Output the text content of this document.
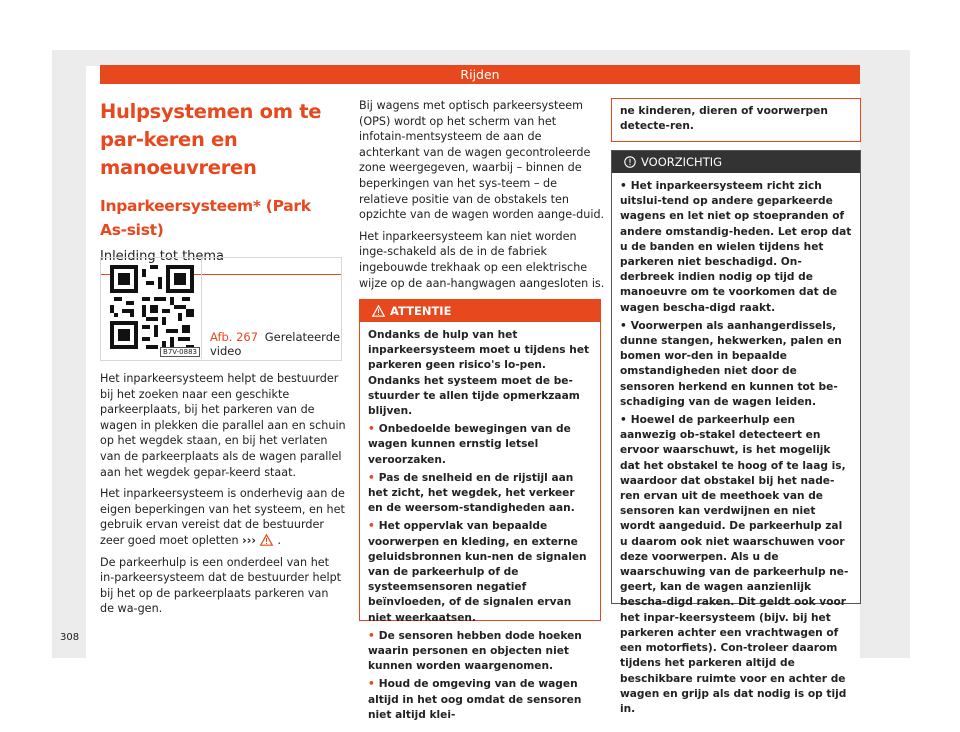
Rijden
Hulpsystemen om te par-keren en manoeuvreren
Inparkeersysteem* (Park As-sist)
Inleiding tot thema
B7V-0883
Afb. 267 Gerelateerde video

Het inparkeersysteem helpt de bestuurder bij het zoeken naar een geschikte parkeerplaats, bij het parkeren van de wagen in plekken die parallel aan en schuin op het wegdek staan, en bij het verlaten van de parkeerplaats als de wagen parallel aan het wegdek gepar-keerd staat.

Het inparkeersysteem is onderhevig aan de eigen beperkingen van het systeem, en het gebruik ervan vereist dat de bestuurder zeer goed moet opletten ››› .

De parkeerhulp is een onderdeel van het in-parkeersysteem dat de bestuurder helpt bij het op de parkeerplaats parkeren van de wa-gen.

Bij wagens met optisch parkeersysteem (OPS) wordt op het scherm van het infotain-mentsysteem de aan de achterkant van de wagen gecontroleerde zone weergegeven, waarbij – binnen de beperkingen van het sys-teem – de relatieve positie van de obstakels ten opzichte van de wagen worden aange-duid.

Het inparkeersysteem kan niet worden inge-schakeld als de in de fabriek ingebouwde trekhaak op een elektrische wijze op de aan-hangwagen aangesloten is.

ATTENTIE

Ondanks de hulp van het inparkeersysteem moet u tijdens het parkeren geen risico's lo-pen. Ondanks het systeem moet de be-stuurder te allen tijde opmerkzaam blijven.

• Onbedoelde bewegingen van de wagen kunnen ernstig letsel veroorzaken.

• Pas de snelheid en de rijstijl aan het zicht, het wegdek, het verkeer en de weersom-standigheden aan.

• Het oppervlak van bepaalde voorwerpen en kleding, en externe geluidsbronnen kun-nen de signalen van de parkeerhulp of de systeemsensoren negatief beïnvloeden, of de signalen ervan niet weerkaatsen.

• De sensoren hebben dode hoeken waarin personen en objecten niet kunnen worden waargenomen.

• Houd de omgeving van de wagen altijd in het oog omdat de sensoren niet altijd klei-

ne kinderen, dieren of voorwerpen detecte-ren.
VOORZICHTIG

• Het inparkeersysteem richt zich uitslui-tend op andere geparkeerde wagens en let niet op stoepranden of andere omstandig-heden. Let erop dat u de banden en wielen tijdens het parkeren niet beschadigd. On-derbreek indien nodig op tijd de manoeuvre om te voorkomen dat de wagen bescha-digd raakt.

• Voorwerpen als aanhangerdissels, dunne stangen, hekwerken, palen en bomen wor-den in bepaalde omstandigheden niet door de sensoren herkend en kunnen tot be-schadiging van de wagen leiden.

• Hoewel de parkeerhulp een aanwezig ob-stakel detecteert en ervoor waarschuwt, is het mogelijk dat het obstakel te hoog of te laag is, waardoor dat obstakel bij het nade-ren ervan uit de meethoek van de sensoren kan verdwijnen en niet wordt aangeduid. De parkeerhulp zal u daarom ook niet waarschuwen voor deze voorwerpen. Als u de waarschuwing van de parkeerhulp ne-geert, kan de wagen aanzienlijk bescha-digd raken. Dit geldt ook voor het inpar-keersysteem (bijv. bij het parkeren achter een vrachtwagen of een motorfiets). Con-troleer daarom tijdens het parkeren altijd de beschikbare ruimte voor en achter de wagen en grijp als dat nodig is op tijd in.

308
